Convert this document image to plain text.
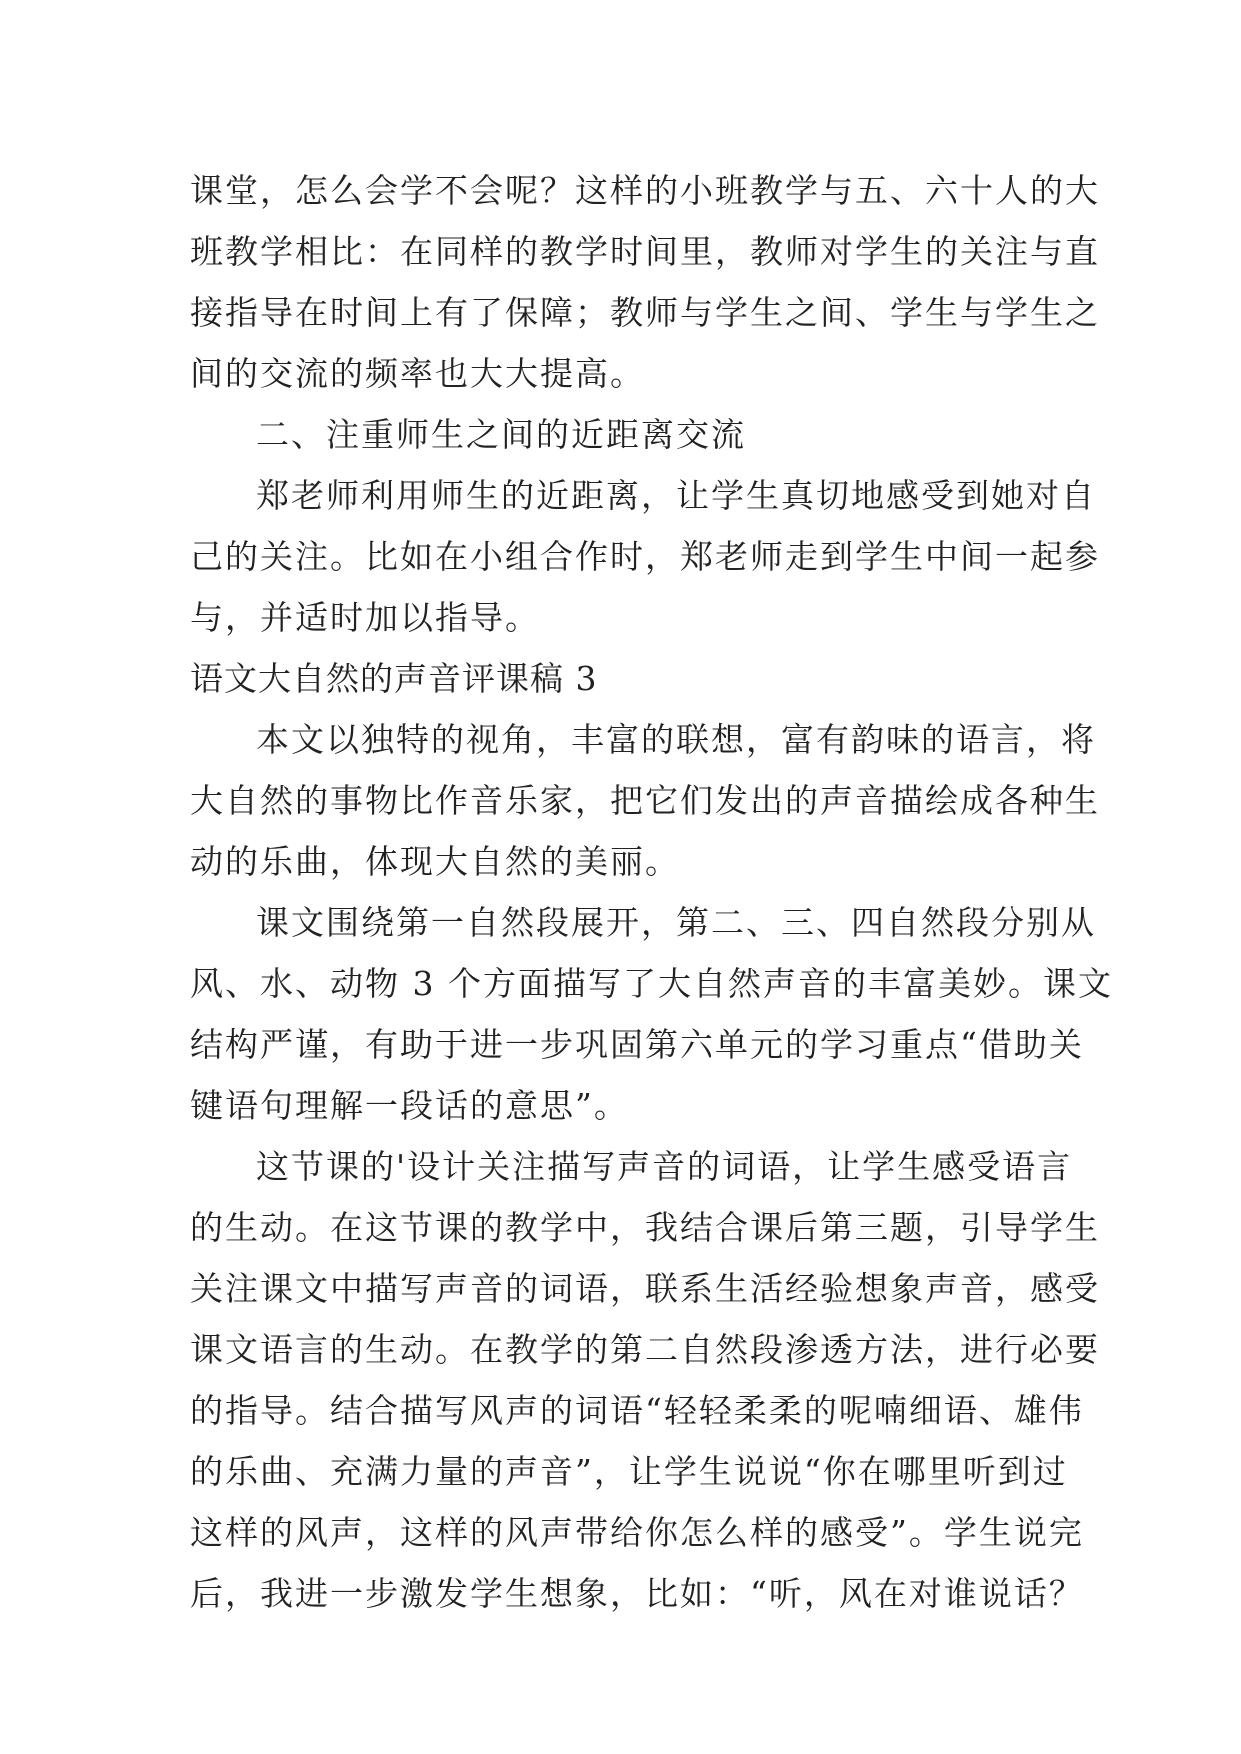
课堂，怎么会学不会呢？这样的小班教学与五、六十人的大
班教学相比：在同样的教学时间里，教师对学生的关注与直
接指导在时间上有了保障；教师与学生之间、学生与学生之
间的交流的频率也大大提高。
二、注重师生之间的近距离交流
郑老师利用师生的近距离，让学生真切地感受到她对自
己的关注。比如在小组合作时，郑老师走到学生中间一起参
与，并适时加以指导。
语文大自然的声音评课稿 3
本文以独特的视角，丰富的联想，富有韵味的语言，将
大自然的事物比作音乐家，把它们发出的声音描绘成各种生
动的乐曲，体现大自然的美丽。
课文围绕第一自然段展开，第二、三、四自然段分别从
风、水、动物 3 个方面描写了大自然声音的丰富美妙。课文
结构严谨，有助于进一步巩固第六单元的学习重点“借助关
键语句理解一段话的意思”。
这节课的'设计关注描写声音的词语，让学生感受语言
的生动。在这节课的教学中，我结合课后第三题，引导学生
关注课文中描写声音的词语，联系生活经验想象声音，感受
课文语言的生动。在教学的第二自然段渗透方法，进行必要
的指导。结合描写风声的词语“轻轻柔柔的呢喃细语、雄伟
的乐曲、充满力量的声音”，让学生说说“你在哪里听到过
这样的风声，这样的风声带给你怎么样的感受”。学生说完
后，我进一步激发学生想象，比如：“听，风在对谁说话？
